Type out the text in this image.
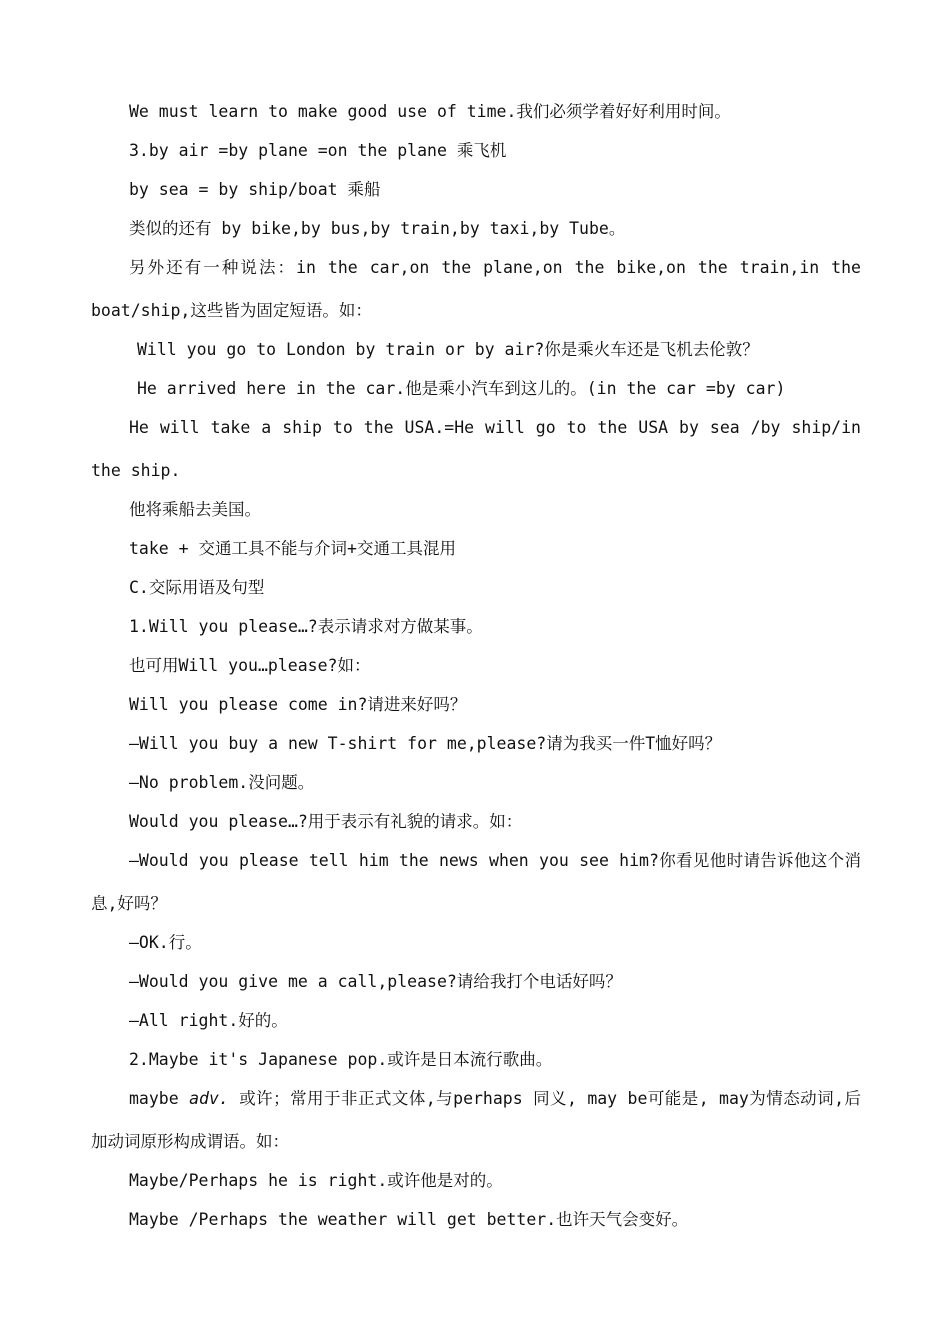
We must learn to make good use of time.我们必须学着好好利用时间。

3.by air =by plane =on the plane 乘飞机

by sea = by ship/boat 乘船

类似的还有 by bike,by bus,by train,by taxi,by Tube。

另外还有一种说法：in the car,on the plane,on the bike,on the train,in the boat/ship,这些皆为固定短语。如：

Will you go to London by train or by air?你是乘火车还是飞机去伦敦？

He arrived here in the car.他是乘小汽车到这儿的。(in the car =by car)

He will take a ship to the USA.=He will go to the USA by sea /by ship/in the ship.

他将乘船去美国。

take + 交通工具不能与介词+交通工具混用

C.交际用语及句型

1.Will you please…?表示请求对方做某事。

也可用Will you…please?如：

Will you please come in?请进来好吗？

—Will you buy a new T-shirt for me,please?请为我买一件T恤好吗？

—No problem.没问题。

Would you please…?用于表示有礼貌的请求。如：

—Would you please tell him the news when you see him?你看见他时请告诉他这个消息,好吗？

—OK.行。

—Would you give me a call,please?请给我打个电话好吗？

—All right.好的。

2.Maybe it's Japanese pop.或许是日本流行歌曲。

maybe adv. 或许；常用于非正式文体,与perhaps 同义, may be可能是, may为情态动词,后加动词原形构成谓语。如：

Maybe/Perhaps he is right.或许他是对的。

Maybe /Perhaps the weather will get better.也许天气会变好。
